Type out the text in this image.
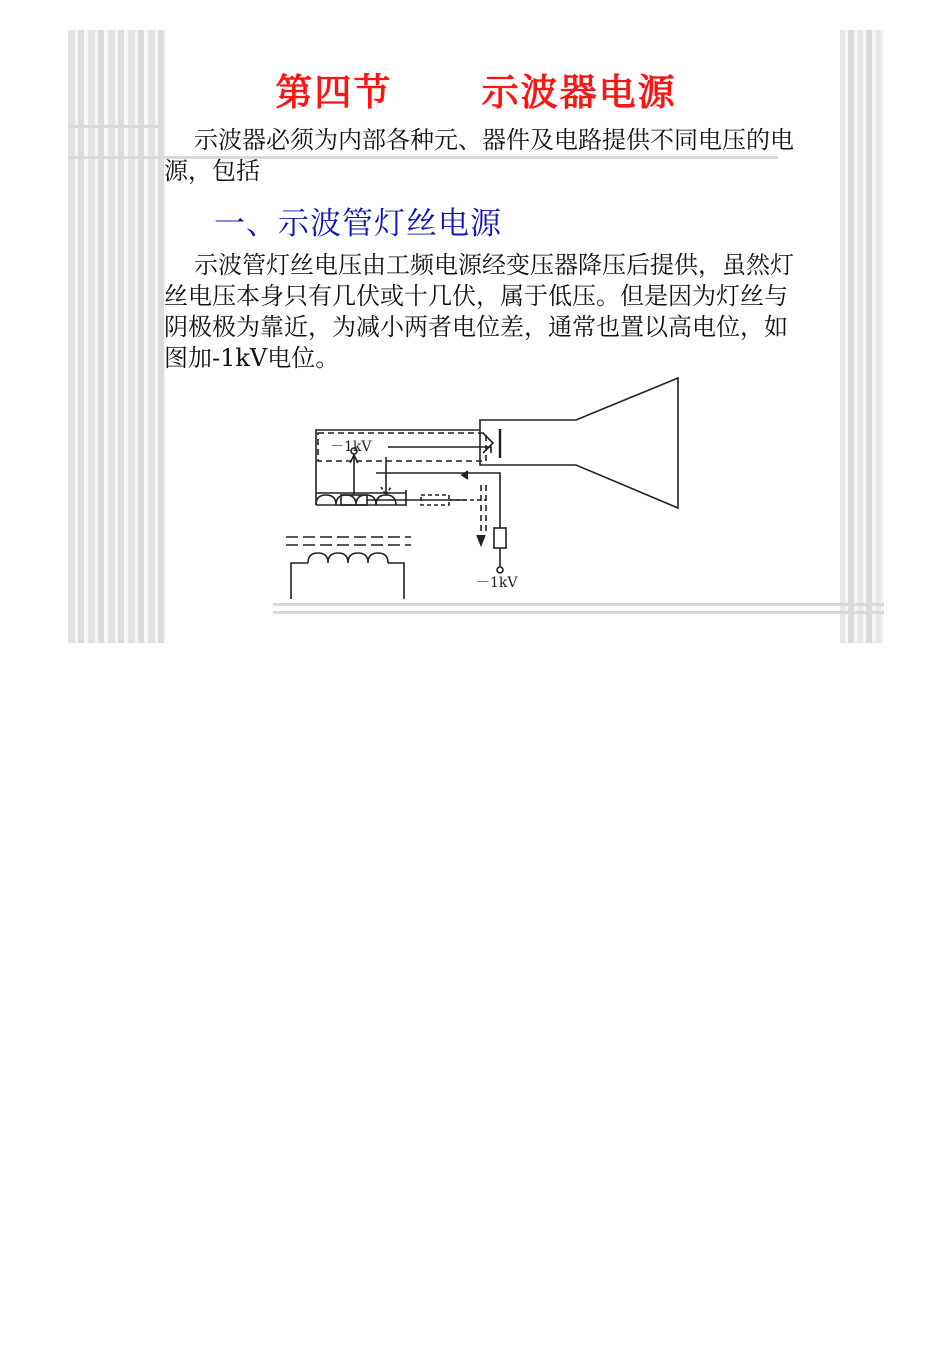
第四节      示波器电源
示波器必须为内部各种元、器件及电路提供不同电压的电源，包括
一、示波管灯丝电源
示波管灯丝电压由工频电源经变压器降压后提供，虽然灯丝电压本身只有几伏或十几伏，属于低压。但是因为灯丝与阴极极为靠近，为减小两者电位差，通常也置以高电位，如图加-1kV电位。
－1kV
－1kV
